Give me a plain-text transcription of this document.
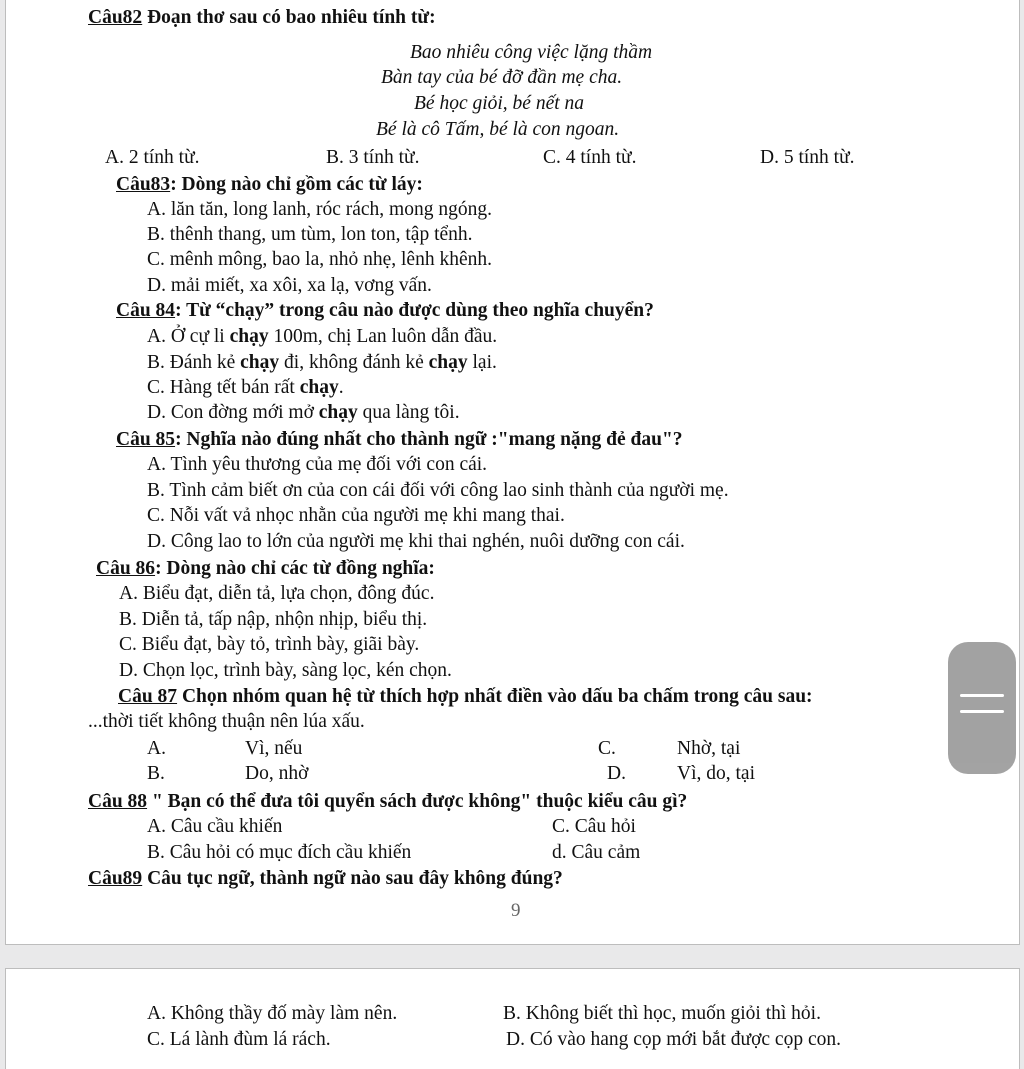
Câu82 Đoạn thơ sau có bao nhiêu tính từ:
Bao nhiêu công việc lặng thầm
Bàn tay của bé đỡ đần mẹ cha.
Bé học giỏi, bé nết na
Bé là cô Tấm, bé là con ngoan.
A. 2 tính từ.	B. 3 tính từ.	C. 4 tính từ.	D. 5 tính từ.
Câu83: Dòng nào chỉ gồm các từ láy:
A. lăn tăn, long lanh, róc rách, mong ngóng.
B. thênh thang, um tùm, lon ton, tập tểnh.
C. mênh mông, bao la, nhỏ nhẹ, lênh khênh.
D. mải miết, xa xôi, xa lạ, vơng vấn.
Câu 84: Từ “chạy” trong câu nào được dùng theo nghĩa chuyển?
A. Ở cự li chạy 100m, chị Lan luôn dẫn đầu.
B. Đánh kẻ chạy đi, không đánh kẻ chạy lại.
C. Hàng tết bán rất chạy.
D. Con đờng mới mở chạy qua làng tôi.
Câu 85: Nghĩa nào đúng nhất cho thành ngữ :"mang nặng đẻ đau"?
A. Tình yêu thương của mẹ đối với con cái.
B. Tình cảm biết ơn của con cái đối với công lao sinh thành của người mẹ.
C. Nỗi vất vả nhọc nhằn của người mẹ khi mang thai.
D. Công lao to lớn của người mẹ khi thai nghén, nuôi dưỡng con cái.
Câu 86: Dòng nào chỉ các từ đồng nghĩa:
A. Biểu đạt, diễn tả, lựa chọn, đông đúc.
B. Diễn tả, tấp nập, nhộn nhịp, biểu thị.
C. Biểu đạt, bày tỏ, trình bày, giãi bày.
D. Chọn lọc, trình bày, sàng lọc, kén chọn.
Câu 87 Chọn nhóm quan hệ từ thích hợp nhất điền vào dấu ba chấm trong câu sau:
...thời tiết không thuận nên lúa xấu.
A.	Vì, nếu
B.	Do, nhờ
C.	Nhờ, tại
D.	Vì, do, tại
Câu 88 " Bạn có thể đưa tôi quyển sách được không" thuộc kiểu câu gì?
A. Câu cầu khiến	C. Câu hỏi
B. Câu hỏi có mục đích cầu khiến	d. Câu cảm
Câu89 Câu tục ngữ, thành ngữ nào sau đây không đúng?
9
A. Không thầy đố mày làm nên.	B. Không biết thì học, muốn giỏi thì hỏi.
C. Lá lành đùm lá rách.	D. Có vào hang cọp mới bắt được cọp con.
